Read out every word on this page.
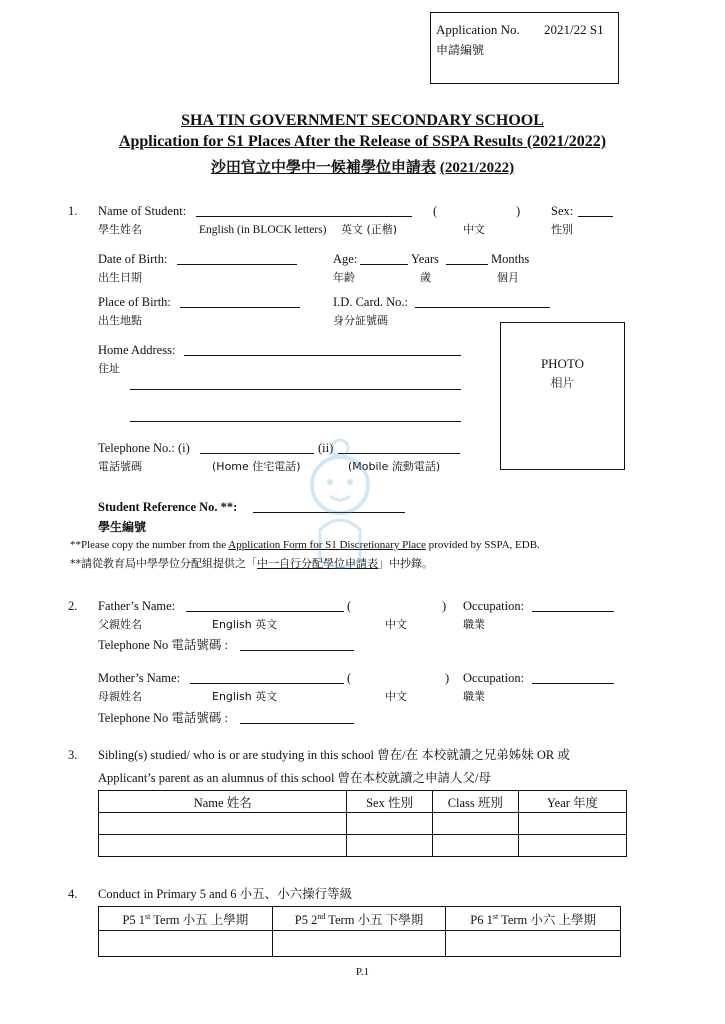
Application No. 2021/22 S1
申請編號
SHA TIN GOVERNMENT SECONDARY SCHOOL
Application for S1 Places After the Release of SSPA Results (2021/2022)
沙田官立中學中一候補學位申請表 (2021/2022)
1. Name of Student:	(	) Sex:
學生姓名	English (in BLOCK letters) 英文 (正楷)	中文	性別
Date of Birth:	Age:	Years	Months
出生日期	年齡	歲	個月
Place of Birth:	I.D. Card. No.:
出生地點	身分証號碼
Home Address:
住址	PHOTO
相片
Telephone No.: (i)	(ii)
電話號碼	(Home 住宅電話)	(Mobile 流動電話)
Student Reference No. **:
學生編號
**Please copy the number from the Application Form for S1 Discretionary Place provided by SSPA, EDB.
**請從教育局中學學位分配組提供之「中一自行分配學位申請表」中抄錄。
2. Father’s Name:	(	) Occupation:
父親姓名	English 英文	中文	職業
Telephone No 電話號碼 :
Mother’s Name:	(	) Occupation:
母親姓名	English 英文	中文	職業
Telephone No 電話號碼 :
3. Sibling(s) studied/ who is or are studying in this school 曾在/在 本校就讀之兄弟姊妹 OR 或
Applicant’s parent as an alumnus of this school 曾在本校就讀之申請人父/母
Name 姓名	Sex 性別	Class 班別	Year 年度

4. Conduct in Primary 5 and 6 小五、小六操行等級
P5 1st Term 小五 上學期	P5 2nd Term 小五 下學期	P6 1st Term 小六 上學期

P.1
